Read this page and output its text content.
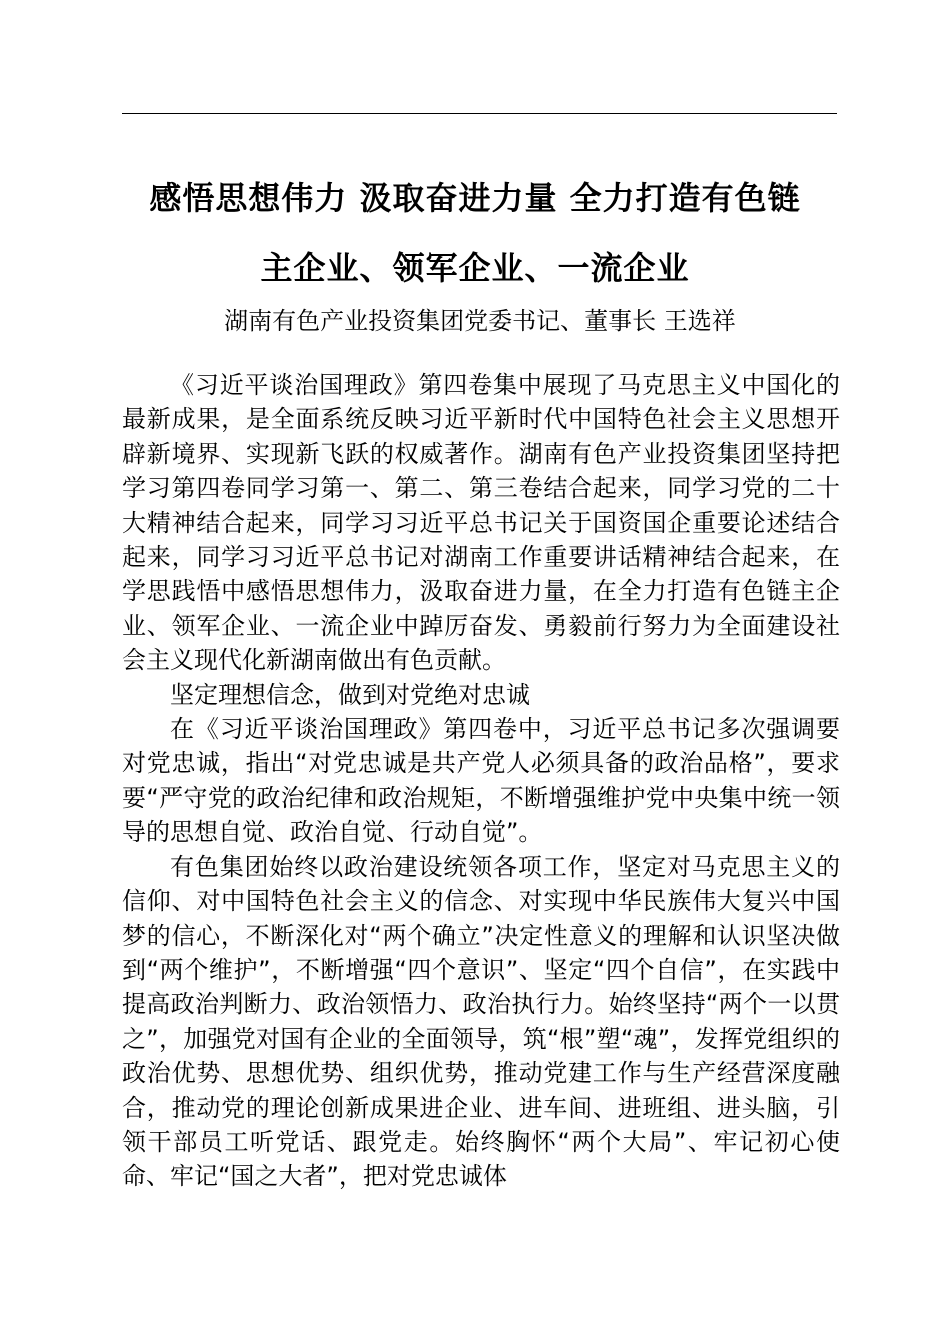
感悟思想伟力 汲取奋进力量 全力打造有色链
主企业、领军企业、一流企业
湖南有色产业投资集团党委书记、董事长 王选祥

《习近平谈治国理政》第四卷集中展现了马克思主义中国化的最新成果，是全面系统反映习近平新时代中国特色社会主义思想开辟新境界、实现新飞跃的权威著作。湖南有色产业投资集团坚持把学习第四卷同学习第一、第二、第三卷结合起来，同学习党的二十大精神结合起来，同学习习近平总书记关于国资国企重要论述结合起来，同学习习近平总书记对湖南工作重要讲话精神结合起来，在学思践悟中感悟思想伟力，汲取奋进力量，在全力打造有色链主企业、领军企业、一流企业中踔厉奋发、勇毅前行努力为全面建设社会主义现代化新湖南做出有色贡献。

坚定理想信念，做到对党绝对忠诚

在《习近平谈治国理政》第四卷中，习近平总书记多次强调要对党忠诚，指出“对党忠诚是共产党人必须具备的政治品格”，要求要“严守党的政治纪律和政治规矩，不断增强维护党中央集中统一领导的思想自觉、政治自觉、行动自觉”。

有色集团始终以政治建设统领各项工作，坚定对马克思主义的信仰、对中国特色社会主义的信念、对实现中华民族伟大复兴中国梦的信心，不断深化对“两个确立”决定性意义的理解和认识坚决做到“两个维护”，不断增强“四个意识”、坚定“四个自信”，在实践中提高政治判断力、政治领悟力、政治执行力。始终坚持“两个一以贯之”，加强党对国有企业的全面领导，筑“根”塑“魂”，发挥党组织的政治优势、思想优势、组织优势，推动党建工作与生产经营深度融合，推动党的理论创新成果进企业、进车间、进班组、进头脑，引领干部员工听党话、跟党走。始终胸怀“两个大局”、牢记初心使命、牢记“国之大者”，把对党忠诚体
